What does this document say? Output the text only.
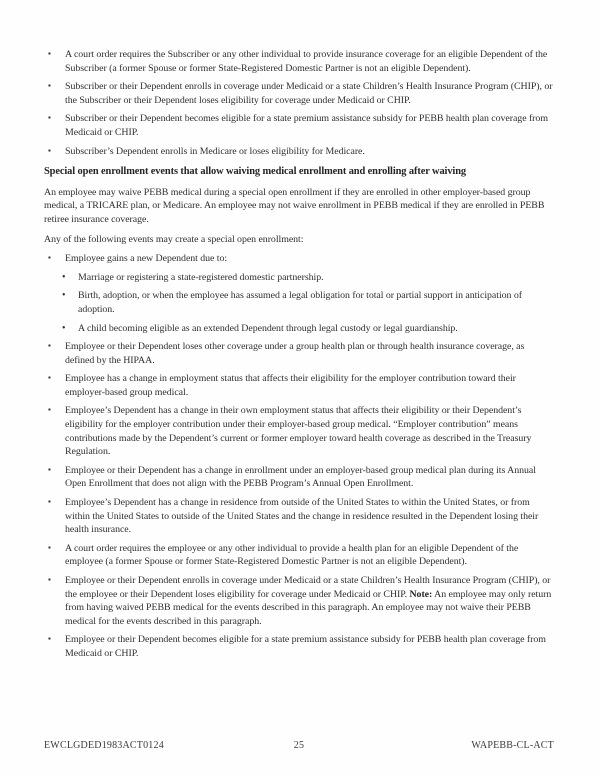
▪ A court order requires the Subscriber or any other individual to provide insurance coverage for an eligible Dependent of the Subscriber (a former Spouse or former State-Registered Domestic Partner is not an eligible Dependent).
▪ Subscriber or their Dependent enrolls in coverage under Medicaid or a state Children’s Health Insurance Program (CHIP), or the Subscriber or their Dependent loses eligibility for coverage under Medicaid or CHIP.
▪ Subscriber or their Dependent becomes eligible for a state premium assistance subsidy for PEBB health plan coverage from Medicaid or CHIP.
▪ Subscriber’s Dependent enrolls in Medicare or loses eligibility for Medicare.
Special open enrollment events that allow waiving medical enrollment and enrolling after waiving

An employee may waive PEBB medical during a special open enrollment if they are enrolled in other employer-based group medical, a TRICARE plan, or Medicare. An employee may not waive enrollment in PEBB medical if they are enrolled in PEBB retiree insurance coverage.

Any of the following events may create a special open enrollment:

▪ Employee gains a new Dependent due to:
• Marriage or registering a state-registered domestic partnership.
• Birth, adoption, or when the employee has assumed a legal obligation for total or partial support in anticipation of adoption.
• A child becoming eligible as an extended Dependent through legal custody or legal guardianship.
▪ Employee or their Dependent loses other coverage under a group health plan or through health insurance coverage, as defined by the HIPAA.
▪ Employee has a change in employment status that affects their eligibility for the employer contribution toward their employer-based group medical.
▪ Employee’s Dependent has a change in their own employment status that affects their eligibility or their Dependent’s eligibility for the employer contribution under their employer-based group medical. “Employer contribution” means contributions made by the Dependent’s current or former employer toward health coverage as described in the Treasury Regulation.
▪ Employee or their Dependent has a change in enrollment under an employer-based group medical plan during its Annual Open Enrollment that does not align with the PEBB Program’s Annual Open Enrollment.
▪ Employee’s Dependent has a change in residence from outside of the United States to within the United States, or from within the United States to outside of the United States and the change in residence resulted in the Dependent losing their health insurance.
▪ A court order requires the employee or any other individual to provide a health plan for an eligible Dependent of the employee (a former Spouse or former State-Registered Domestic Partner is not an eligible Dependent).
▪ Employee or their Dependent enrolls in coverage under Medicaid or a state Children’s Health Insurance Program (CHIP), or the employee or their Dependent loses eligibility for coverage under Medicaid or CHIP. Note: An employee may only return from having waived PEBB medical for the events described in this paragraph. An employee may not waive their PEBB medical for the events described in this paragraph.
▪ Employee or their Dependent becomes eligible for a state premium assistance subsidy for PEBB health plan coverage from Medicaid or CHIP.
EWCLGDED1983ACT0124	25	WAPEBB-CL-ACT
